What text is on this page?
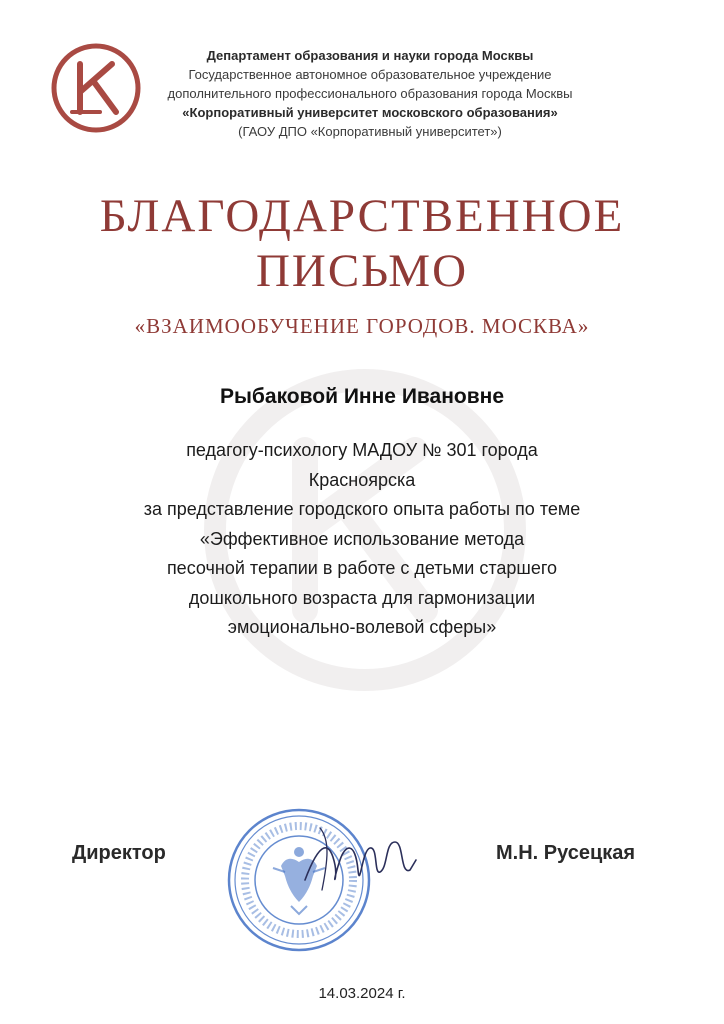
Департамент образования и науки города Москвы
Государственное автономное образовательное учреждение
дополнительного профессионального образования города Москвы
«Корпоративный университет московского образования»
(ГАОУ ДПО «Корпоративный университет»)
БЛАГОДАРСТВЕННОЕ
ПИСЬМО
«ВЗАИМООБУЧЕНИЕ ГОРОДОВ. МОСКВА»
Рыбаковой Инне Ивановне
педагогу-психологу МАДОУ № 301 города
Красноярска
за представление городского опыта работы по теме
«Эффективное использование метода
песочной терапии в работе с детьми старшего
дошкольного возраста для гармонизации
эмоционально-волевой сферы»
Директор	М.Н. Русецкая
14.03.2024 г.
